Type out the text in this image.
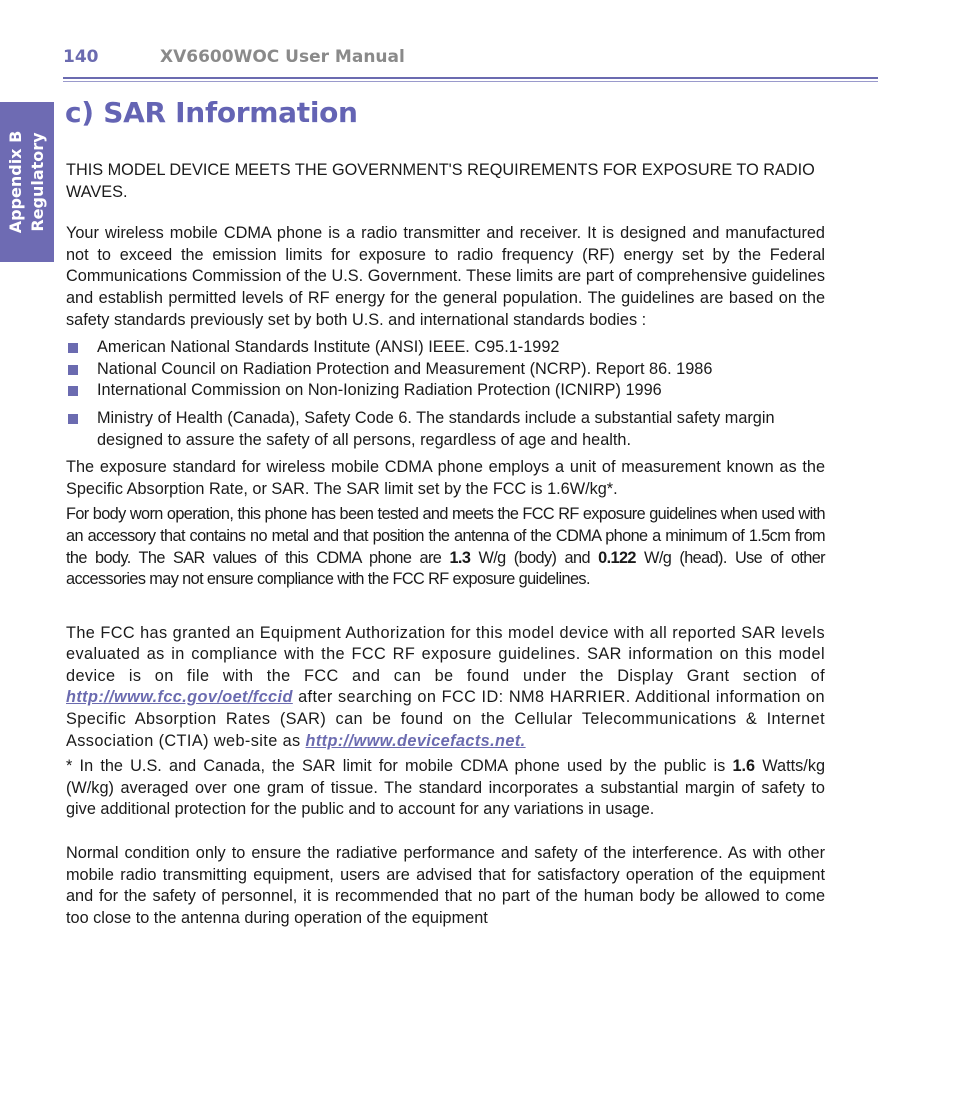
140	XV6600WOC User Manual
Appendix B Regulatory
c) SAR Information

THIS MODEL DEVICE MEETS THE GOVERNMENT'S REQUIREMENTS FOR EXPOSURE TO RADIO WAVES.

Your wireless mobile CDMA phone is a radio transmitter and receiver. It is designed and manufactured not to exceed the emission limits for exposure to radio frequency (RF) energy set by the Federal Communications Commission of the U.S. Government. These limits are part of comprehensive guidelines and establish permitted levels of RF energy for the general population. The guidelines are based on the safety standards previously set by both U.S. and international standards bodies :

American National Standards Institute (ANSI) IEEE. C95.1-1992
National Council on Radiation Protection and Measurement (NCRP). Report 86. 1986
International Commission on Non-Ionizing Radiation Protection (ICNIRP) 1996
Ministry of Health (Canada), Safety Code 6. The standards include a substantial safety margin designed to assure the safety of all persons, regardless of age and health.

The exposure standard for wireless mobile CDMA phone employs a unit of measurement known as the Specific Absorption Rate, or SAR. The SAR limit set by the FCC is 1.6W/kg*.

For body worn operation, this phone has been tested and meets the FCC RF exposure guidelines when used with an accessory that contains no metal and that position the antenna of the CDMA phone a minimum of 1.5cm from the body. The SAR values of this CDMA phone are 1.3 W/g (body) and 0.122 W/g (head). Use of other accessories may not ensure compliance with the FCC RF exposure guidelines.

The FCC has granted an Equipment Authorization for this model device with all reported SAR levels evaluated as in compliance with the FCC RF exposure guidelines. SAR information on this model device is on file with the FCC and can be found under the Display Grant section of http://www.fcc.gov/oet/fccid after searching on FCC ID: NM8 HARRIER. Additional information on Specific Absorption Rates (SAR) can be found on the Cellular Telecommunications & Internet Association (CTIA) web-site as http://www.devicefacts.net.

* In the U.S. and Canada, the SAR limit for mobile CDMA phone used by the public is 1.6 Watts/kg (W/kg) averaged over one gram of tissue. The standard incorporates a substantial margin of safety to give additional protection for the public and to account for any variations in usage.

Normal condition only to ensure the radiative performance and safety of the interference. As with other mobile radio transmitting equipment, users are advised that for satisfactory operation of the equipment and for the safety of personnel, it is recommended that no part of the human body be allowed to come too close to the antenna during operation of the equipment
